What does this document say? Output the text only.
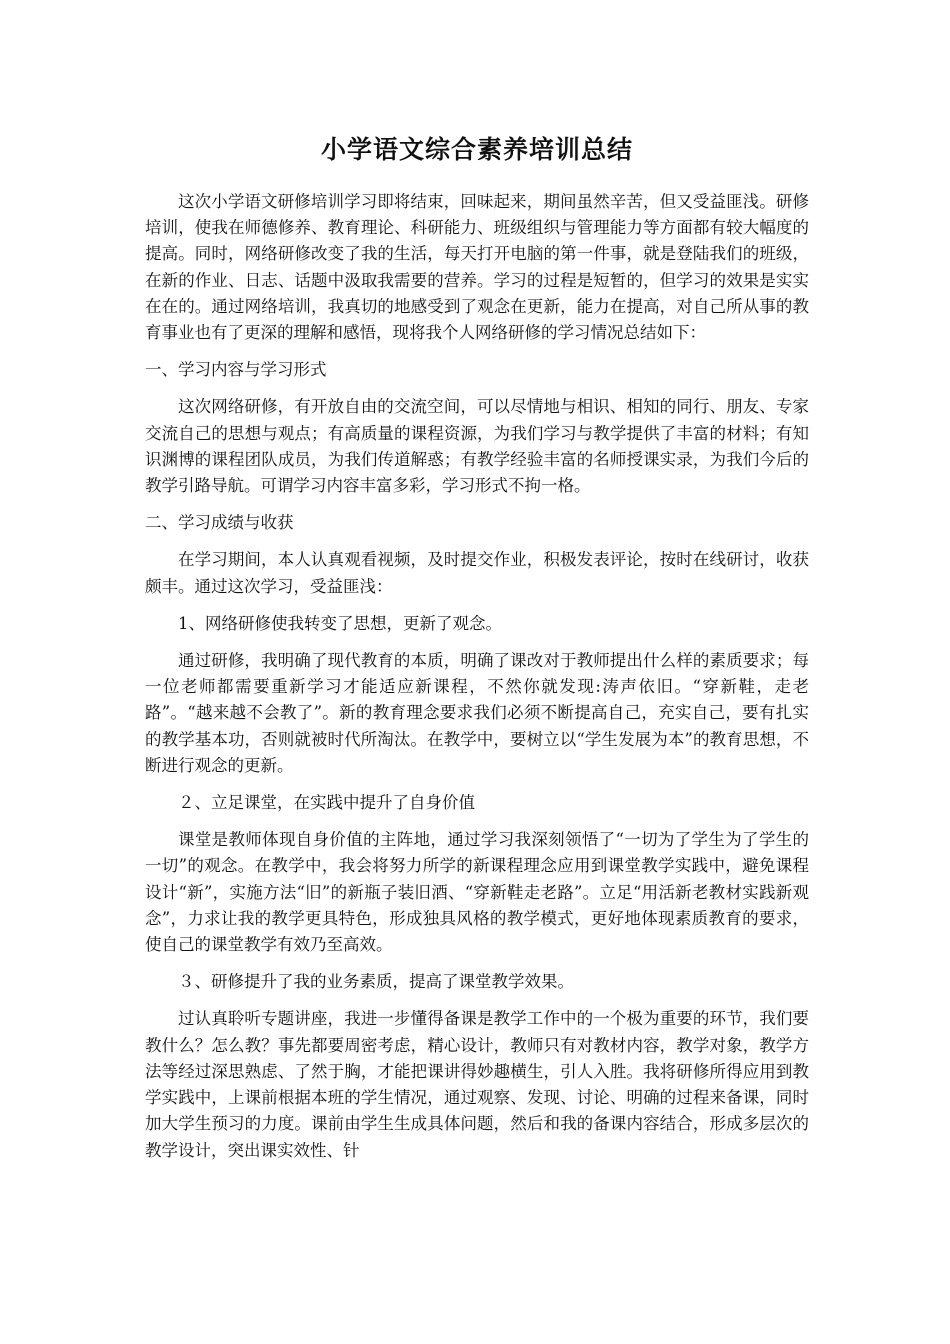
小学语文综合素养培训总结

这次小学语文研修培训学习即将结束，回味起来，期间虽然辛苦，但又受益匪浅。研修培训，使我在师德修养、教育理论、科研能力、班级组织与管理能力等方面都有较大幅度的提高。同时，网络研修改变了我的生活，每天打开电脑的第一件事，就是登陆我们的班级，在新的作业、日志、话题中汲取我需要的营养。学习的过程是短暂的，但学习的效果是实实在在的。通过网络培训，我真切的地感受到了观念在更新，能力在提高，对自己所从事的教育事业也有了更深的理解和感悟，现将我个人网络研修的学习情况总结如下：

一、学习内容与学习形式

这次网络研修，有开放自由的交流空间，可以尽情地与相识、相知的同行、朋友、专家交流自己的思想与观点；有高质量的课程资源，为我们学习与教学提供了丰富的材料；有知识渊博的课程团队成员，为我们传道解惑；有教学经验丰富的名师授课实录，为我们今后的教学引路导航。可谓学习内容丰富多彩，学习形式不拘一格。

二、学习成绩与收获

在学习期间，本人认真观看视频，及时提交作业，积极发表评论，按时在线研讨，收获颇丰。通过这次学习，受益匪浅：

1、网络研修使我转变了思想，更新了观念。

通过研修，我明确了现代教育的本质，明确了课改对于教师提出什么样的素质要求；每一位老师都需要重新学习才能适应新课程，不然你就发现:涛声依旧。“穿新鞋，走老路”。“越来越不会教了”。新的教育理念要求我们必须不断提高自己，充实自己，要有扎实的教学基本功，否则就被时代所淘汰。在教学中，要树立以“学生发展为本”的教育思想，不断进行观念的更新。

２、立足课堂，在实践中提升了自身价值

课堂是教师体现自身价值的主阵地，通过学习我深刻领悟了“一切为了学生为了学生的一切”的观念。在教学中，我会将努力所学的新课程理念应用到课堂教学实践中，避免课程设计“新”，实施方法“旧”的新瓶子装旧酒、“穿新鞋走老路”。立足“用活新老教材实践新观念”，力求让我的教学更具特色，形成独具风格的教学模式，更好地体现素质教育的要求，使自己的课堂教学有效乃至高效。

３、研修提升了我的业务素质，提高了课堂教学效果。

过认真聆听专题讲座，我进一步懂得备课是教学工作中的一个极为重要的环节，我们要教什么？怎么教？事先都要周密考虑，精心设计，教师只有对教材内容，教学对象，教学方法等经过深思熟虑、了然于胸，才能把课讲得妙趣横生，引人入胜。我将研修所得应用到教学实践中，上课前根据本班的学生情况，通过观察、发现、讨论、明确的过程来备课，同时加大学生预习的力度。课前由学生生成具体问题，然后和我的备课内容结合，形成多层次的教学设计，突出课实效性、针
